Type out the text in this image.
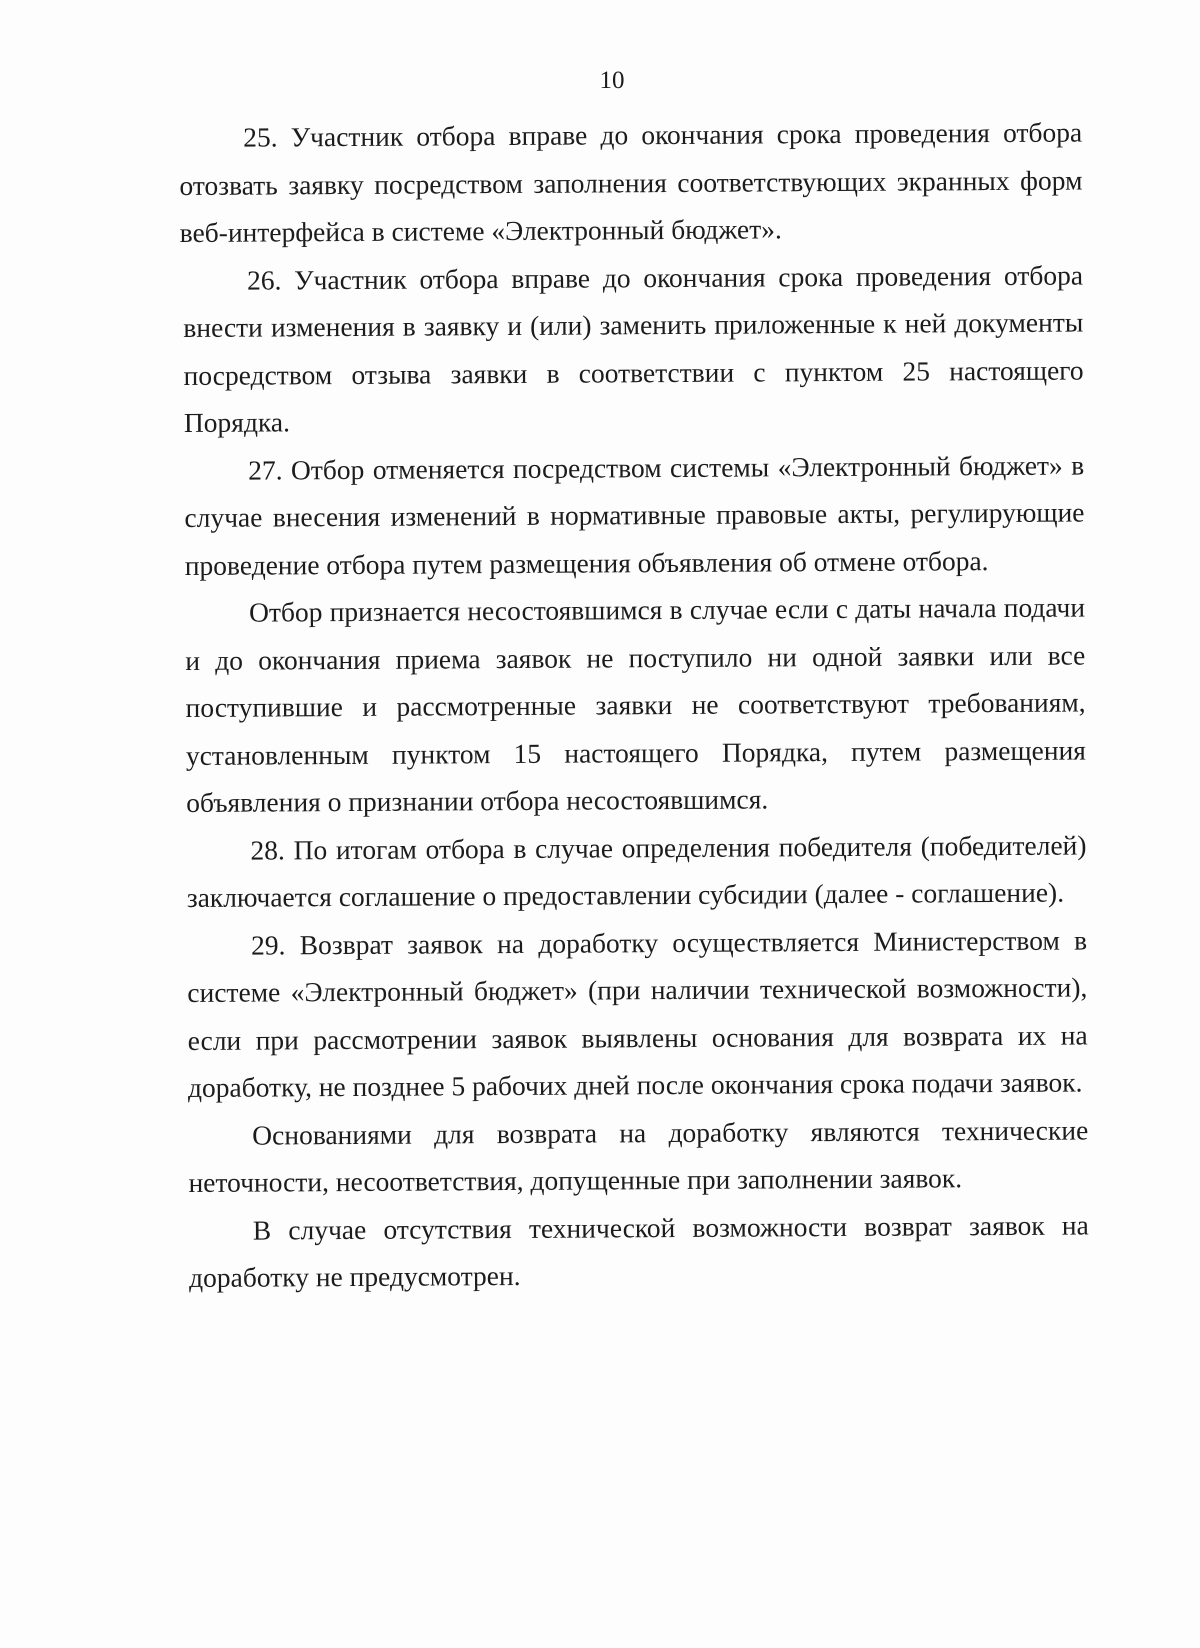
10

25. Участник отбора вправе до окончания срока проведения отбора отозвать заявку посредством заполнения соответствующих экранных форм веб-интерфейса в системе «Электронный бюджет».

26. Участник отбора вправе до окончания срока проведения отбора внести изменения в заявку и (или) заменить приложенные к ней документы посредством отзыва заявки в соответствии с пунктом 25 настоящего Порядка.

27. Отбор отменяется посредством системы «Электронный бюджет» в случае внесения изменений в нормативные правовые акты, регулирующие проведение отбора путем размещения объявления об отмене отбора.

Отбор признается несостоявшимся в случае если с даты начала подачи и до окончания приема заявок не поступило ни одной заявки или все поступившие и рассмотренные заявки не соответствуют требованиям, установленным пунктом 15 настоящего Порядка, путем размещения объявления о признании отбора несостоявшимся.

28. По итогам отбора в случае определения победителя (победителей) заключается соглашение о предоставлении субсидии (далее - соглашение).

29. Возврат заявок на доработку осуществляется Министерством в системе «Электронный бюджет» (при наличии технической возможности), если при рассмотрении заявок выявлены основания для возврата их на доработку, не позднее 5 рабочих дней после окончания срока подачи заявок.

Основаниями для возврата на доработку являются технические неточности, несоответствия, допущенные при заполнении заявок.

В случае отсутствия технической возможности возврат заявок на доработку не предусмотрен.
